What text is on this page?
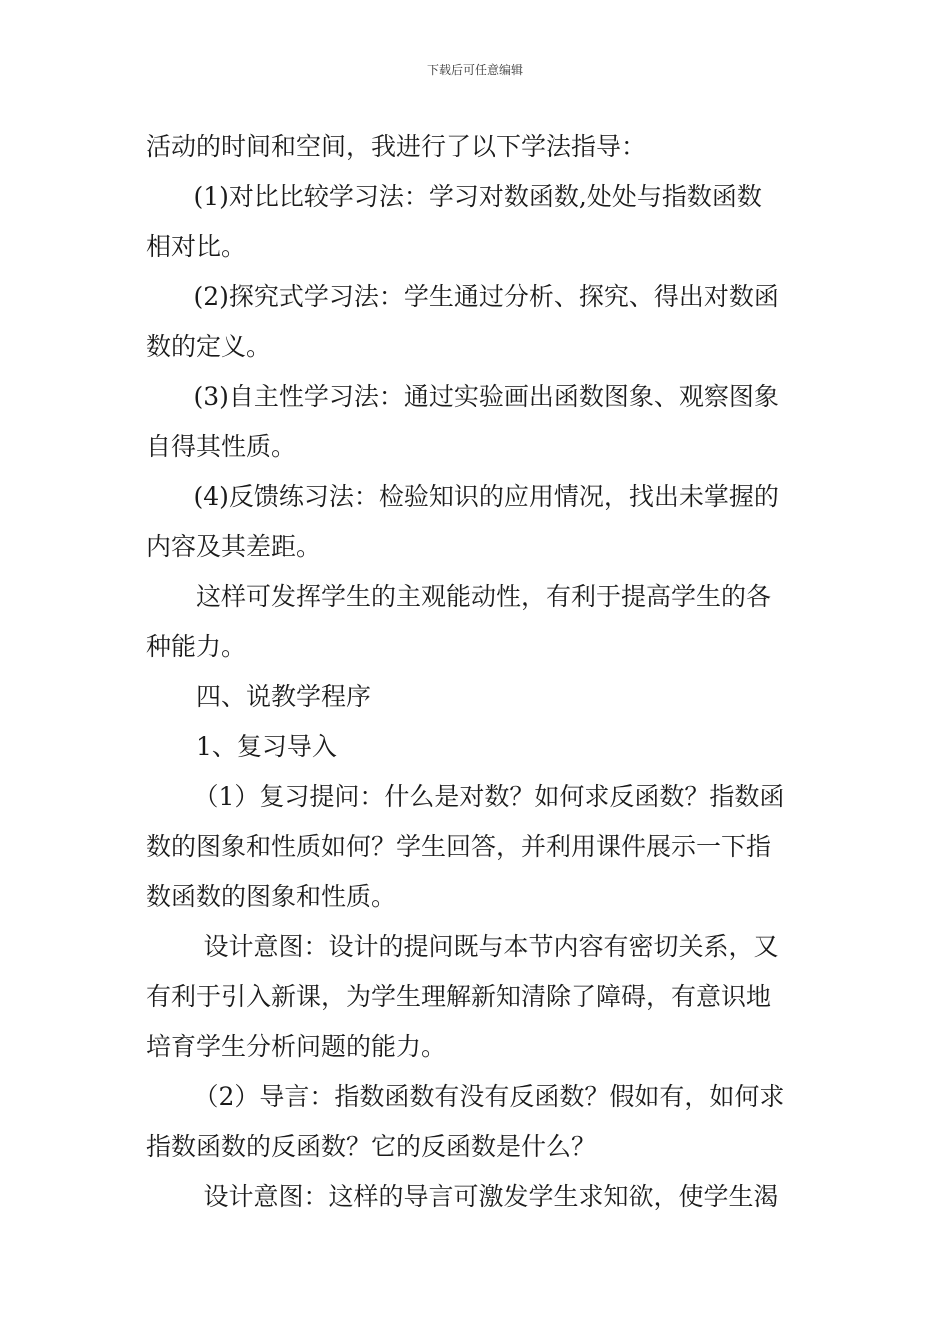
下载后可任意编辑

活动的时间和空间，我进行了以下学法指导：

(1)对比比较学习法：学习对数函数,处处与指数函数
相对比。

(2)探究式学习法：学生通过分析、探究、得出对数函
数的定义。

(3)自主性学习法：通过实验画出函数图象、观察图象
自得其性质。

(4)反馈练习法：检验知识的应用情况，找出未掌握的
内容及其差距。

这样可发挥学生的主观能动性，有利于提高学生的各
种能力。

四、说教学程序

1、复习导入

（1）复习提问：什么是对数？如何求反函数？指数函
数的图象和性质如何？学生回答，并利用课件展示一下指
数函数的图象和性质。

设计意图：设计的提问既与本节内容有密切关系，又
有利于引入新课，为学生理解新知清除了障碍，有意识地
培育学生分析问题的能力。

（2）导言：指数函数有没有反函数？假如有，如何求
指数函数的反函数？它的反函数是什么？

设计意图：这样的导言可激发学生求知欲，使学生渴
